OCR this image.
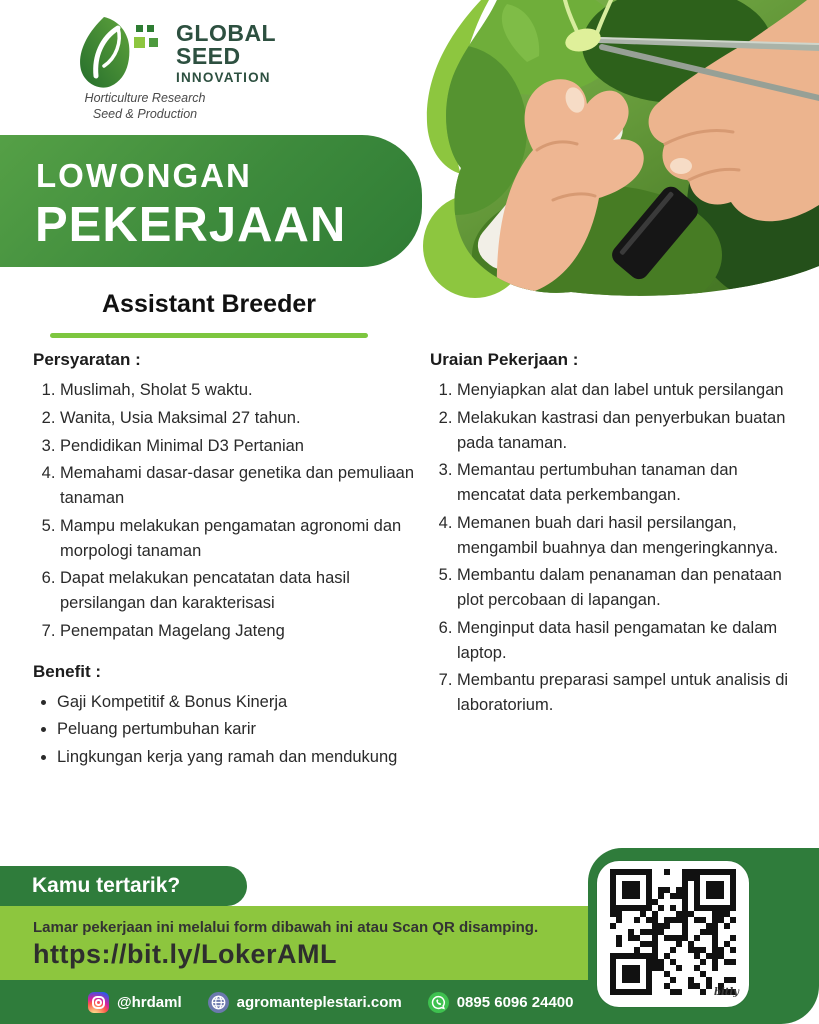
GLOBAL
SEED
INNOVATION
Horticulture Research
Seed & Production
LOWONGAN
PEKERJAAN
Assistant Breeder
Persyaratan :
1. Muslimah, Sholat 5 waktu.
2. Wanita, Usia Maksimal 27 tahun.
3. Pendidikan Minimal D3 Pertanian
4. Memahami dasar-dasar genetika dan pemuliaan tanaman
5. Mampu melakukan pengamatan agronomi dan morpologi tanaman
6. Dapat melakukan pencatatan data hasil persilangan dan karakterisasi
7. Penempatan Magelang Jateng
Benefit :
• Gaji Kompetitif & Bonus Kinerja
• Peluang pertumbuhan karir
• Lingkungan kerja yang ramah dan mendukung
Uraian Pekerjaan :
1. Menyiapkan alat dan label untuk persilangan
2. Melakukan kastrasi dan penyerbukan buatan pada tanaman.
3. Memantau pertumbuhan tanaman dan mencatat data perkembangan.
4. Memanen buah dari hasil persilangan, mengambil buahnya dan mengeringkannya.
5. Membantu dalam penanaman dan penataan plot percobaan di lapangan.
6. Menginput data hasil pengamatan ke dalam laptop.
7. Membantu preparasi sampel untuk analisis di laboratorium.
Kamu tertarik?
Lamar pekerjaan ini melalui form dibawah ini atau Scan QR disamping.
https://bit.ly/LokerAML
bitly
@hrdaml	agromanteplestari.com	0895 6096 24400
